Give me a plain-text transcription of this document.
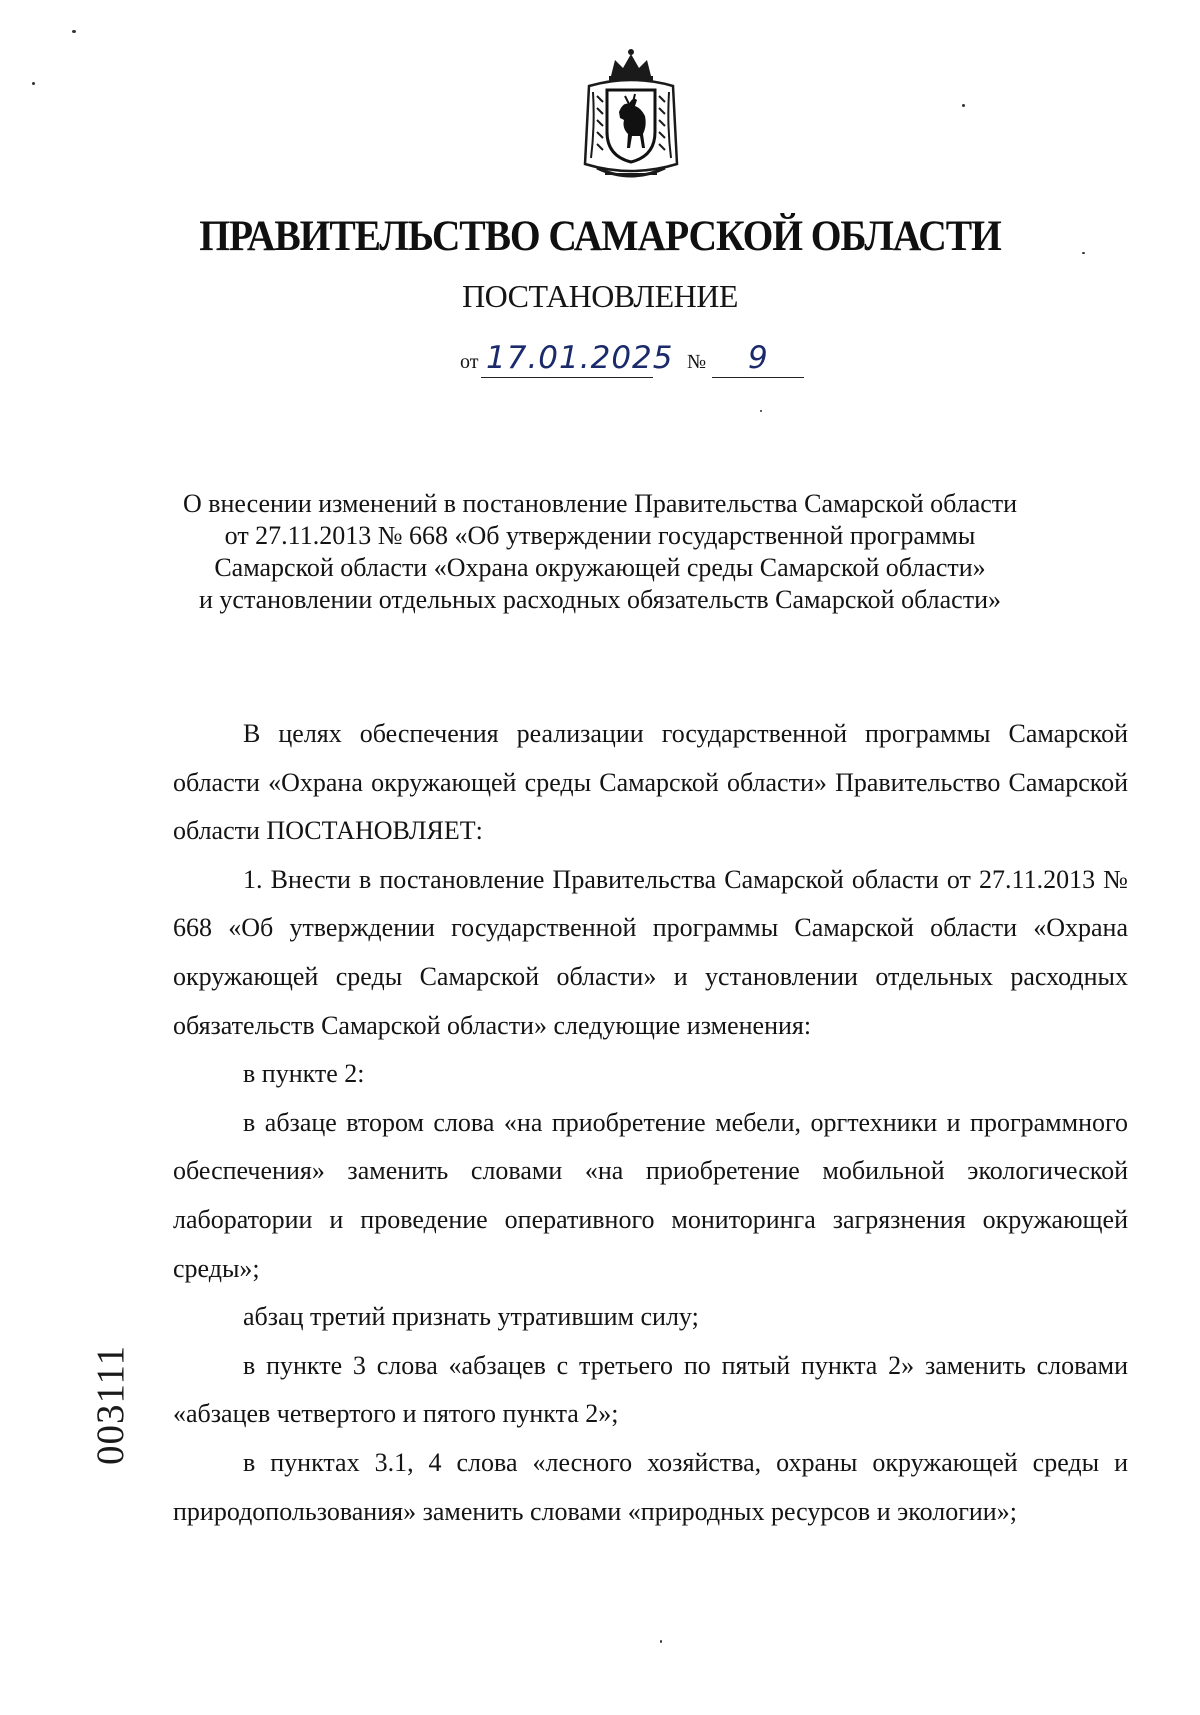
ПРАВИТЕЛЬСТВО САМАРСКОЙ ОБЛАСТИ
ПОСТАНОВЛЕНИЕ
от 17.01.2025 № 9
О внесении изменений в постановление Правительства Самарской области
от 27.11.2013 № 668 «Об утверждении государственной программы
Самарской области «Охрана окружающей среды Самарской области»
и установлении отдельных расходных обязательств Самарской области»

В целях обеспечения реализации государственной программы Самарской области «Охрана окружающей среды Самарской области» Правительство Самарской области ПОСТАНОВЛЯЕТ:

1. Внести в постановление Правительства Самарской области от 27.11.2013 № 668 «Об утверждении государственной программы Самарской области «Охрана окружающей среды Самарской области» и установлении отдельных расходных обязательств Самарской области» следующие изменения:

в пункте 2:

в абзаце втором слова «на приобретение мебели, оргтехники и программного обеспечения» заменить словами «на приобретение мобильной экологической лаборатории и проведение оперативного мониторинга загрязнения окружающей среды»;

абзац третий признать утратившим силу;

в пункте 3 слова «абзацев с третьего по пятый пункта 2» заменить словами «абзацев четвертого и пятого пункта 2»;

в пунктах 3.1, 4 слова «лесного хозяйства, охраны окружающей среды и природопользования» заменить словами «природных ресурсов и экологии»;

003111
